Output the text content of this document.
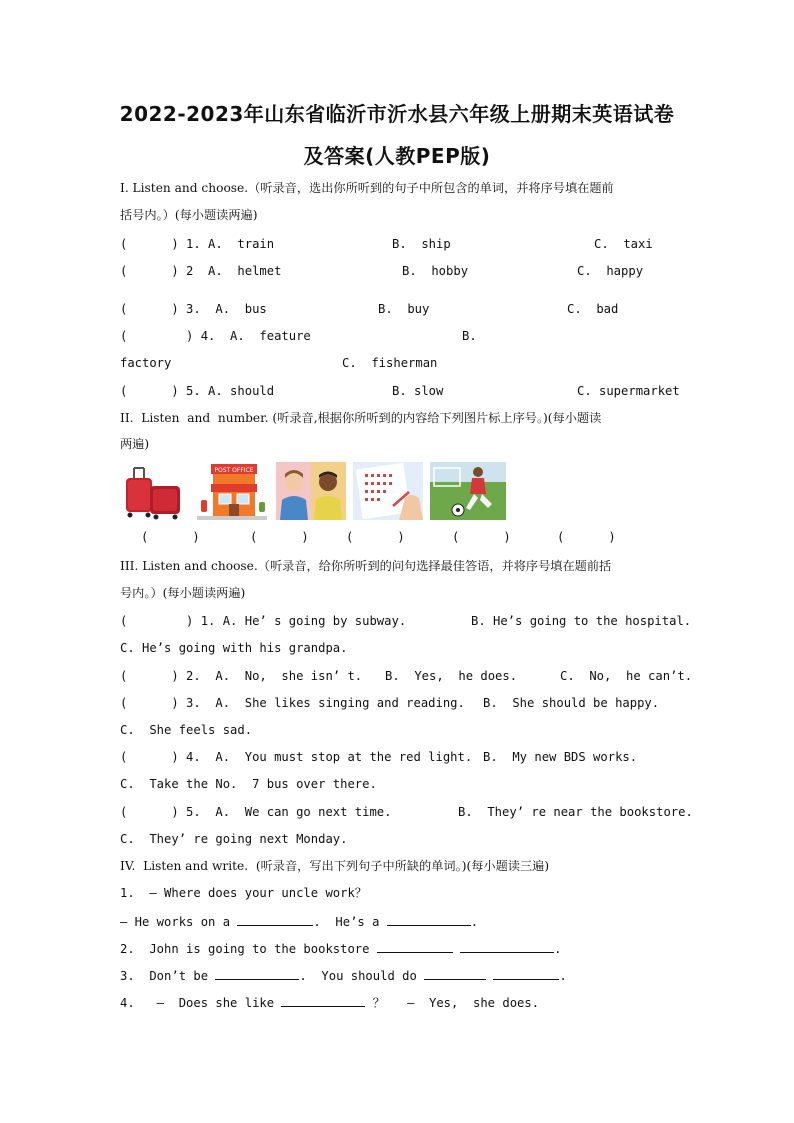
2022-2023年山东省临沂市沂水县六年级上册期末英语试卷
及答案(人教PEP版)
I. Listen and choose.（听录音，选出你所听到的句子中所包含的单词，并将序号填在题前
括号内。）(每小题读两遍)
(      ) 1. A.  train	B.  ship	C.  taxi
(      ) 2  A.  helmet	B.  hobby	C.  happy
(      ) 3.  A.  bus	B.  buy	C.  bad
(        ) 4.  A.  feature	B.
factory	C.  fisherman
(      ) 5. A. should	B. slow	C. supermarket
II.  Listen  and  number. (听录音,根据你所听到的内容给下列图片标上序号。)(每小题读
两遍)
POST OFFICE
(      )	(      )	(      )	(      )	(      )
III. Listen and choose.（听录音，给你所听到的问句选择最佳答语，并将序号填在题前括
号内。）(每小题读两遍)
(        ) 1. A. He’ s going by subway.	B. He’s going to the hospital.
C. He’s going with his grandpa.
(      ) 2.  A.  No,  she isn’ t. B.  Yes,  he does.	C.  No,  he can’t.
(      ) 3.  A.  She likes singing and reading. B.  She should be happy.
C.  She feels sad.
(      ) 4.  A.  You must stop at the red light. B.  My new BDS works.
C.  Take the No.  7 bus over there.
(      ) 5.  A.  We can go next time.	B.  They’ re near the bookstore.
C.  They’ re going next Monday.
IV.  Listen and write.  (听录音，写出下列句子中所缺的单词。)(每小题读三遍)
1.  – Where does your uncle work？
– He works on a	.  He’s a	.
2.  John is going to the bookstore	.
3.  Don’t be	.  You should do	.
4.   –  Does she like	？   –  Yes,  she does.
